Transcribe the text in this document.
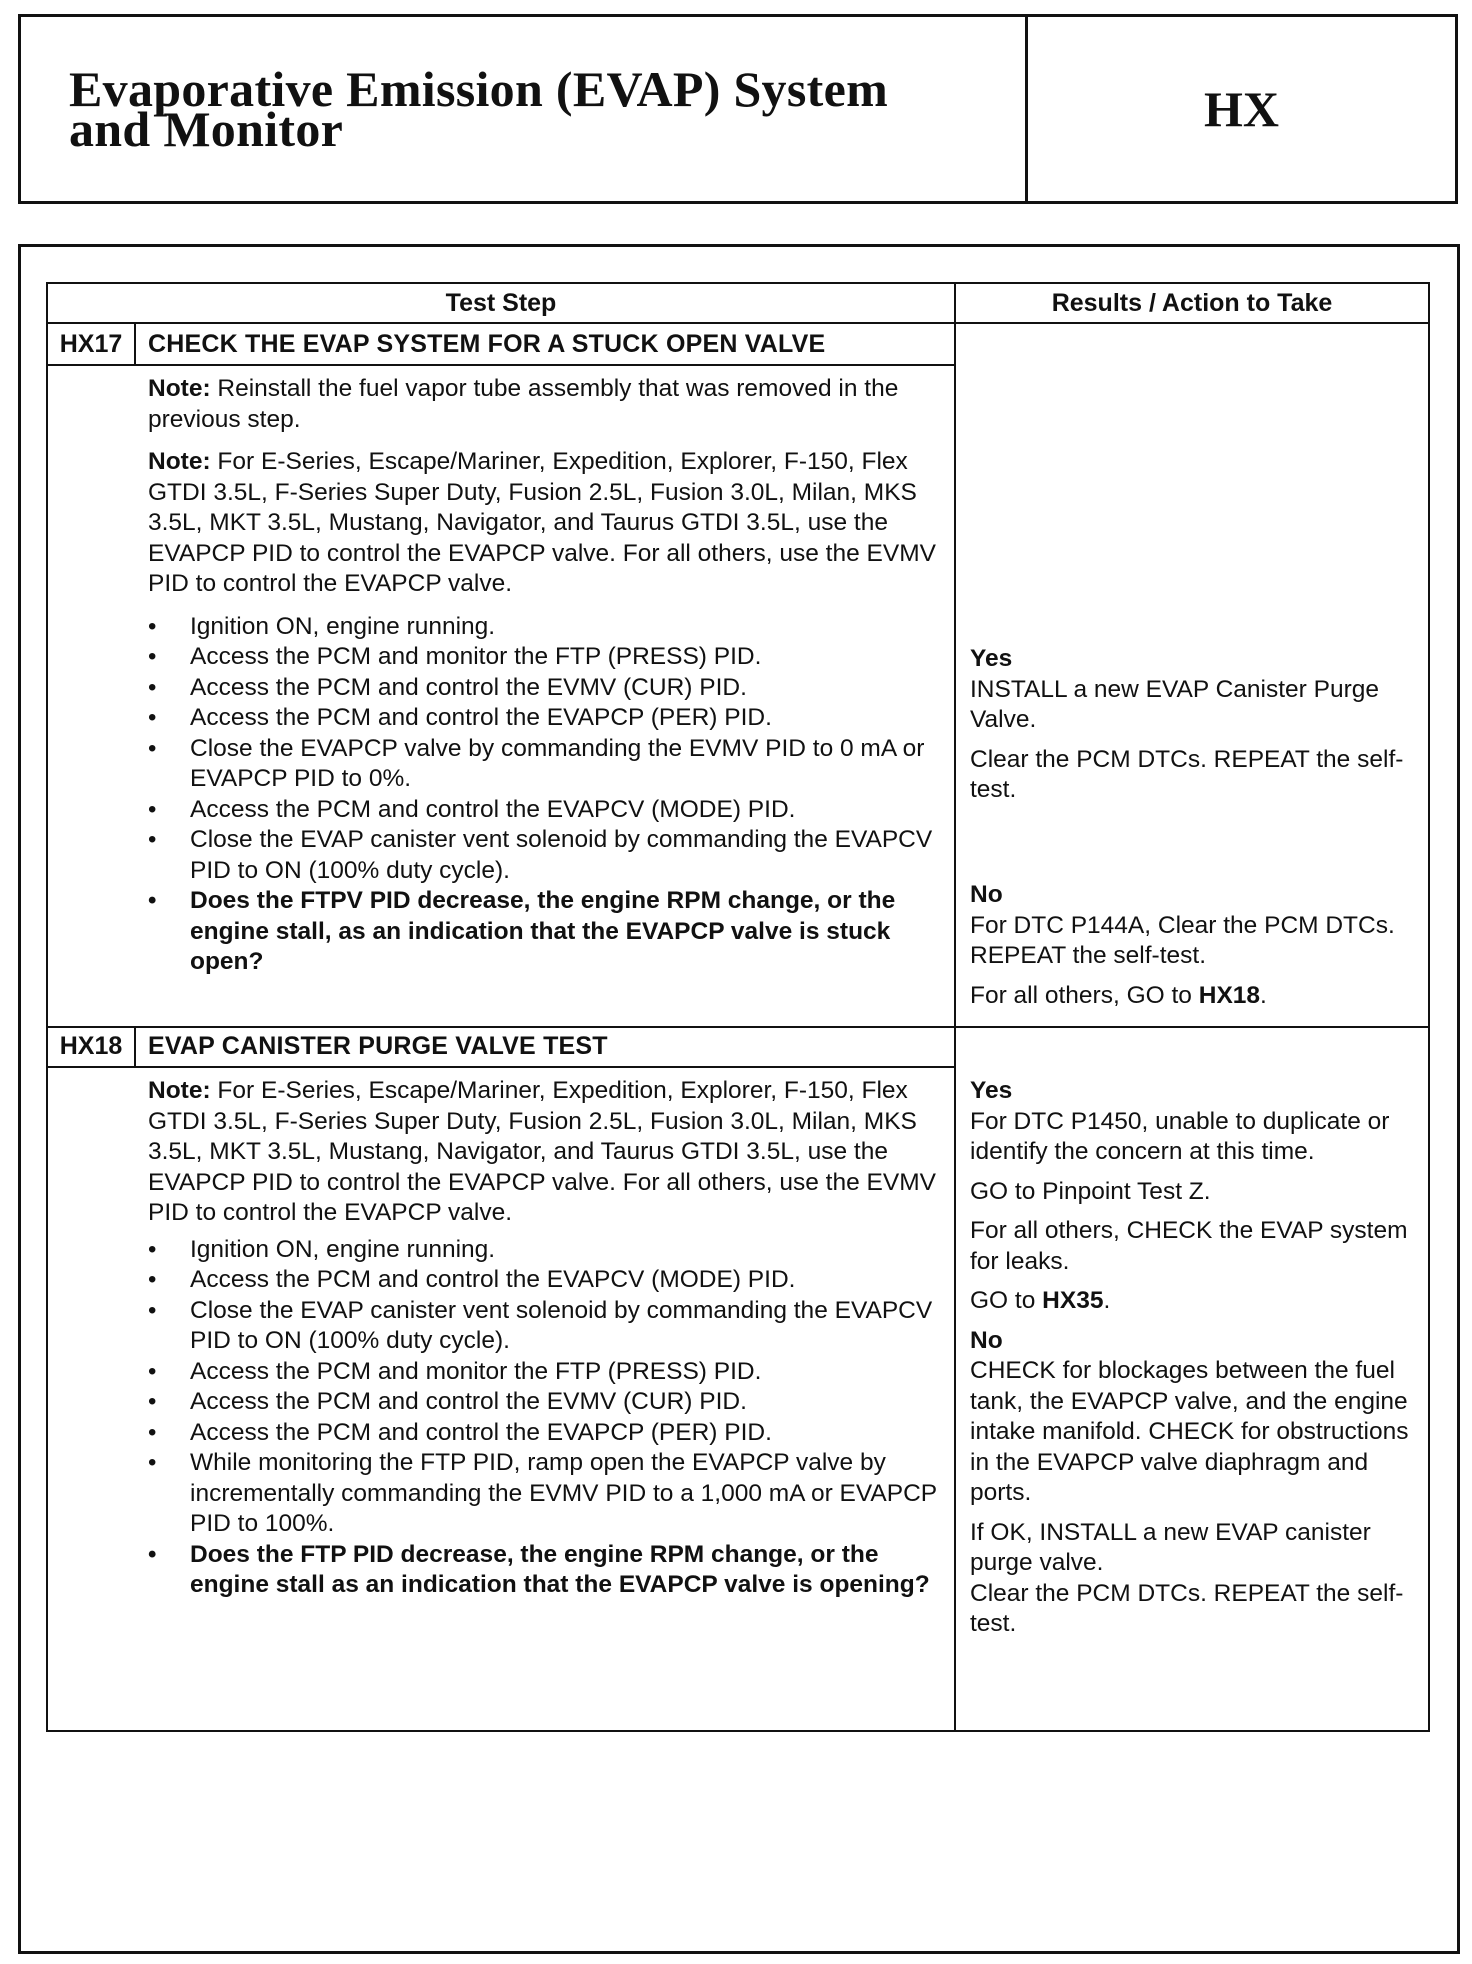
Evaporative Emission (EVAP) System
and Monitor	HX
Test Step	Results / Action to Take
HX17	CHECK THE EVAP SYSTEM FOR A STUCK OPEN VALVE

Note: Reinstall the fuel vapor tube assembly that was removed in the previous step.

Note: For E-Series, Escape/Mariner, Expedition, Explorer, F-150, Flex GTDI 3.5L, F-Series Super Duty, Fusion 2.5L, Fusion 3.0L, Milan, MKS 3.5L, MKT 3.5L, Mustang, Navigator, and Taurus GTDI 3.5L, use the EVAPCP PID to control the EVAPCP valve. For all others, use the EVMV PID to control the EVAPCP valve.

• Ignition ON, engine running.
• Access the PCM and monitor the FTP (PRESS) PID.
• Access the PCM and control the EVMV (CUR) PID.
• Access the PCM and control the EVAPCP (PER) PID.
• Close the EVAPCP valve by commanding the EVMV PID to 0 mA or EVAPCP PID to 0%.
• Access the PCM and control the EVAPCV (MODE) PID.
• Close the EVAP canister vent solenoid by commanding the EVAPCV PID to ON (100% duty cycle).
• Does the FTPV PID decrease, the engine RPM change, or the engine stall, as an indication that the EVAPCP valve is stuck open?

Yes

INSTALL a new EVAP Canister Purge Valve.

Clear the PCM DTCs. REPEAT the self-test.

No

For DTC P144A, Clear the PCM DTCs. REPEAT the self-test.

For all others, GO to HX18.

HX18	EVAP CANISTER PURGE VALVE TEST

Note: For E-Series, Escape/Mariner, Expedition, Explorer, F-150, Flex GTDI 3.5L, F-Series Super Duty, Fusion 2.5L, Fusion 3.0L, Milan, MKS 3.5L, MKT 3.5L, Mustang, Navigator, and Taurus GTDI 3.5L, use the EVAPCP PID to control the EVAPCP valve. For all others, use the EVMV PID to control the EVAPCP valve.

• Ignition ON, engine running.
• Access the PCM and control the EVAPCV (MODE) PID.
• Close the EVAP canister vent solenoid by commanding the EVAPCV PID to ON (100% duty cycle).
• Access the PCM and monitor the FTP (PRESS) PID.
• Access the PCM and control the EVMV (CUR) PID.
• Access the PCM and control the EVAPCP (PER) PID.
• While monitoring the FTP PID, ramp open the EVAPCP valve by incrementally commanding the EVMV PID to a 1,000 mA or EVAPCP PID to 100%.
• Does the FTP PID decrease, the engine RPM change, or the engine stall as an indication that the EVAPCP valve is opening?

Yes

For DTC P1450, unable to duplicate or identify the concern at this time.

GO to Pinpoint Test Z.

For all others, CHECK the EVAP system for leaks.

GO to HX35.

No

CHECK for blockages between the fuel tank, the EVAPCP valve, and the engine intake manifold. CHECK for obstructions in the EVAPCP valve diaphragm and ports.

If OK, INSTALL a new EVAP canister purge valve.

Clear the PCM DTCs. REPEAT the self-test.
